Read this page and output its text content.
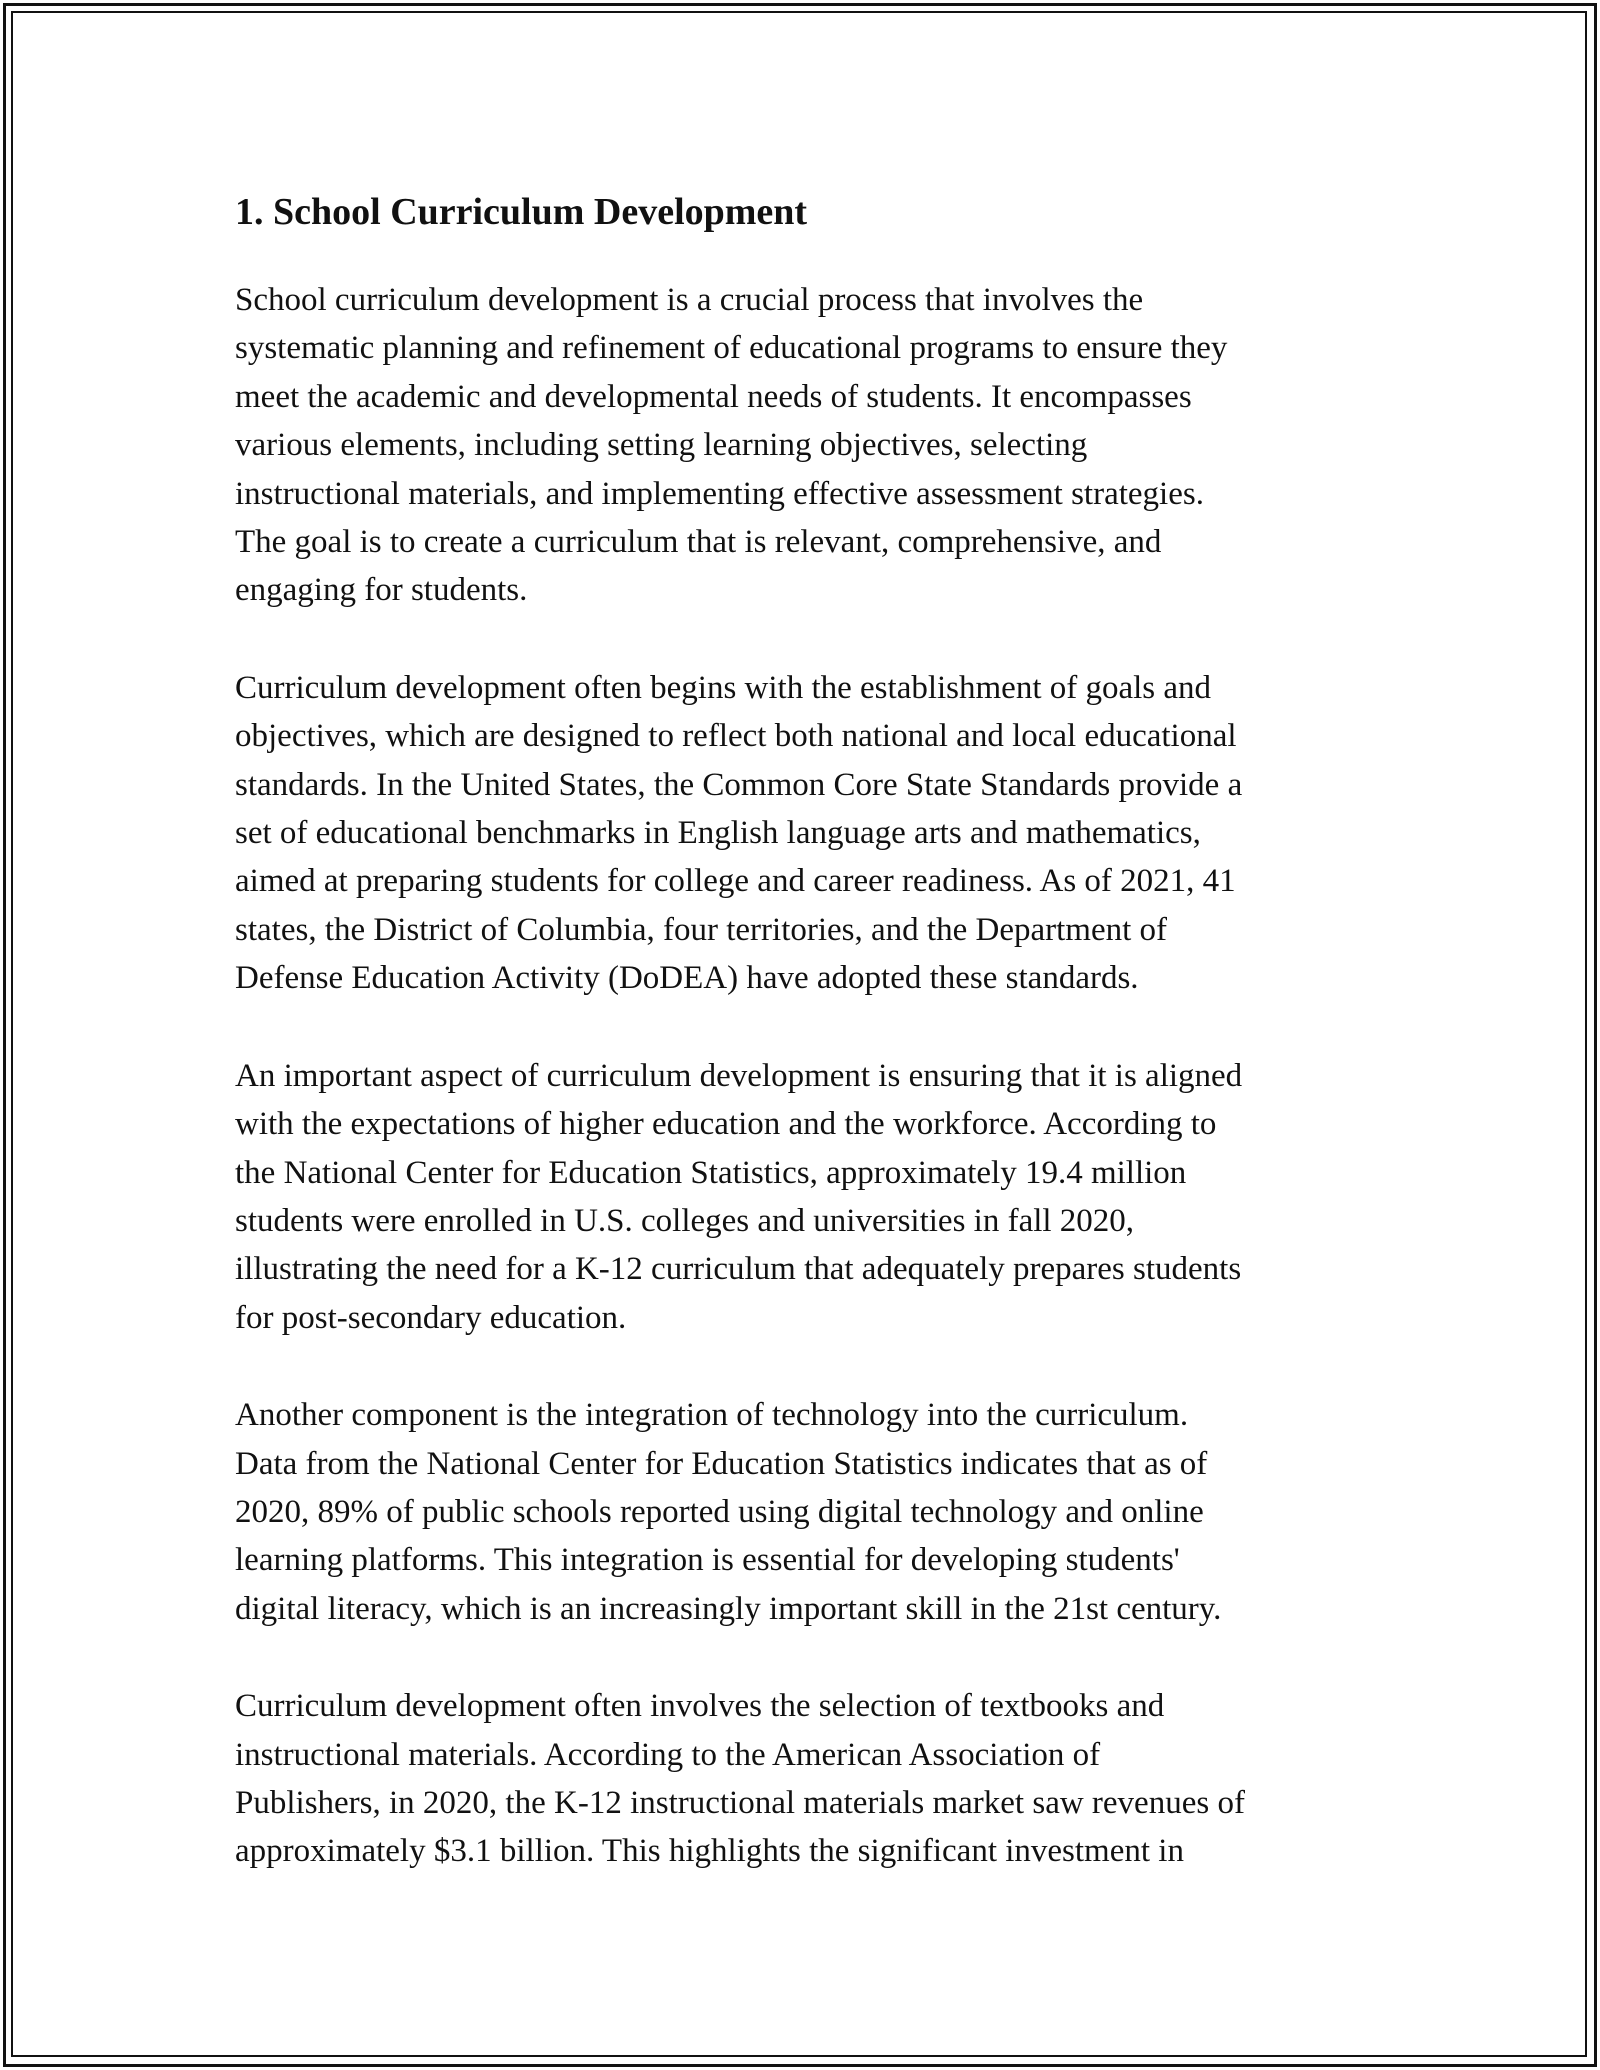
1. School Curriculum Development

School curriculum development is a crucial process that involves the
systematic planning and refinement of educational programs to ensure they
meet the academic and developmental needs of students. It encompasses
various elements, including setting learning objectives, selecting
instructional materials, and implementing effective assessment strategies.
The goal is to create a curriculum that is relevant, comprehensive, and
engaging for students.

Curriculum development often begins with the establishment of goals and
objectives, which are designed to reflect both national and local educational
standards. In the United States, the Common Core State Standards provide a
set of educational benchmarks in English language arts and mathematics,
aimed at preparing students for college and career readiness. As of 2021, 41
states, the District of Columbia, four territories, and the Department of
Defense Education Activity (DoDEA) have adopted these standards.

An important aspect of curriculum development is ensuring that it is aligned
with the expectations of higher education and the workforce. According to
the National Center for Education Statistics, approximately 19.4 million
students were enrolled in U.S. colleges and universities in fall 2020,
illustrating the need for a K-12 curriculum that adequately prepares students
for post-secondary education.

Another component is the integration of technology into the curriculum.
Data from the National Center for Education Statistics indicates that as of
2020, 89% of public schools reported using digital technology and online
learning platforms. This integration is essential for developing students'
digital literacy, which is an increasingly important skill in the 21st century.

Curriculum development often involves the selection of textbooks and
instructional materials. According to the American Association of
Publishers, in 2020, the K-12 instructional materials market saw revenues of
approximately $3.1 billion. This highlights the significant investment in
